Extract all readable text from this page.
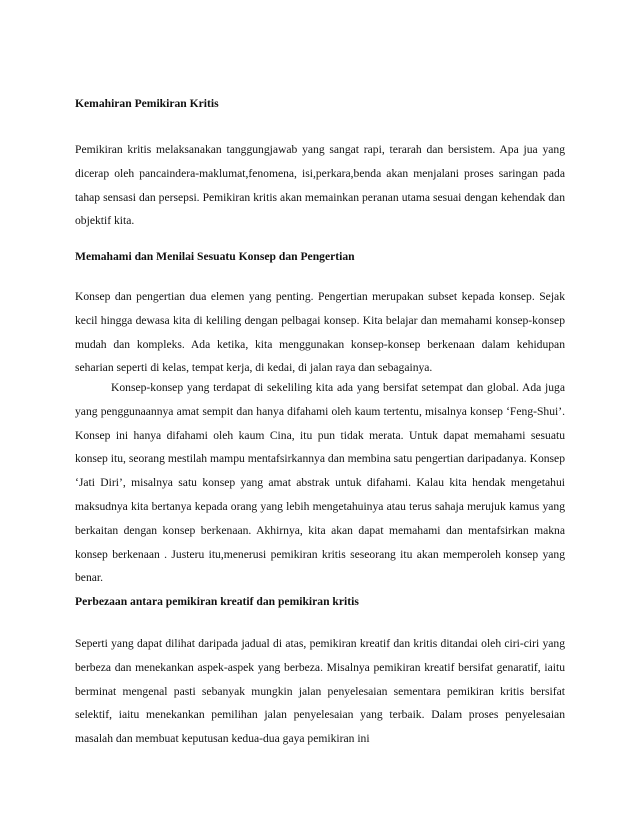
Kemahiran Pemikiran Kritis
Pemikiran kritis melaksanakan tanggungjawab yang sangat rapi, terarah dan bersistem. Apa jua yang dicerap oleh pancaindera-maklumat,fenomena, isi,perkara,benda akan menjalani proses saringan pada tahap sensasi dan persepsi. Pemikiran kritis akan memainkan peranan utama sesuai dengan kehendak dan objektif kita.
Memahami dan Menilai Sesuatu Konsep dan Pengertian
Konsep dan pengertian dua elemen yang penting. Pengertian merupakan subset kepada konsep. Sejak kecil hingga dewasa kita di keliling dengan pelbagai konsep. Kita belajar dan memahami konsep-konsep mudah dan kompleks. Ada ketika, kita menggunakan konsep-konsep berkenaan dalam kehidupan seharian seperti di kelas, tempat kerja, di kedai, di jalan raya dan sebagainya.
Konsep-konsep yang terdapat di sekeliling kita ada yang bersifat setempat dan global. Ada juga yang penggunaannya amat sempit dan hanya difahami oleh kaum tertentu, misalnya konsep ‘Feng-Shui’. Konsep ini hanya difahami oleh kaum Cina, itu pun tidak merata. Untuk dapat memahami sesuatu konsep itu, seorang mestilah mampu mentafsirkannya dan membina satu pengertian daripadanya. Konsep ‘Jati Diri’, misalnya satu konsep yang amat abstrak untuk difahami. Kalau kita hendak mengetahui maksudnya kita bertanya kepada orang yang lebih mengetahuinya atau terus sahaja merujuk kamus yang berkaitan dengan konsep berkenaan. Akhirnya, kita akan dapat memahami dan mentafsirkan makna konsep berkenaan . Justeru itu,menerusi pemikiran kritis seseorang itu akan memperoleh konsep yang benar.
Perbezaan antara pemikiran kreatif dan pemikiran kritis
Seperti yang dapat dilihat daripada jadual di atas, pemikiran kreatif dan kritis ditandai oleh ciri-ciri yang berbeza dan menekankan aspek-aspek yang berbeza. Misalnya pemikiran kreatif bersifat genaratif, iaitu berminat mengenal pasti sebanyak mungkin jalan penyelesaian sementara pemikiran kritis bersifat selektif, iaitu menekankan pemilihan jalan penyelesaian yang terbaik. Dalam proses penyelesaian masalah dan membuat keputusan kedua-dua gaya pemikiran ini
